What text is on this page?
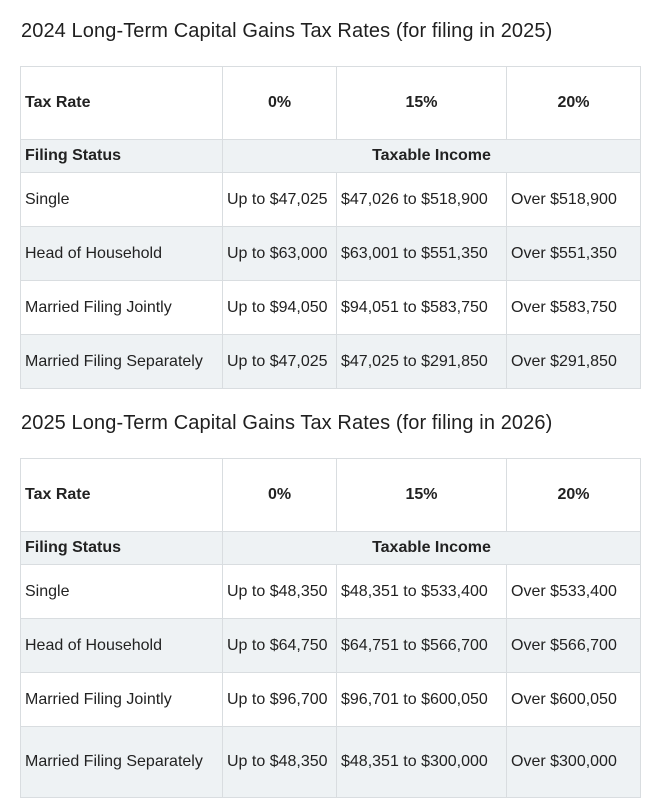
2024 Long-Term Capital Gains Tax Rates (for filing in 2025)
Tax Rate	0%	15%	20%
Filing Status	Taxable Income		
Single	Up to $47,025	$47,026 to $518,900	Over $518,900
Head of Household	Up to $63,000	$63,001 to $551,350	Over $551,350
Married Filing Jointly	Up to $94,050	$94,051 to $583,750	Over $583,750
Married Filing Separately	Up to $47,025	$47,025 to $291,850	Over $291,850
2025 Long-Term Capital Gains Tax Rates (for filing in 2026)
Tax Rate	0%	15%	20%
Filing Status	Taxable Income		
Single	Up to $48,350	$48,351 to $533,400	Over $533,400
Head of Household	Up to $64,750	$64,751 to $566,700	Over $566,700
Married Filing Jointly	Up to $96,700	$96,701 to $600,050	Over $600,050
Married Filing Separately	Up to $48,350	$48,351 to $300,000	Over $300,000
